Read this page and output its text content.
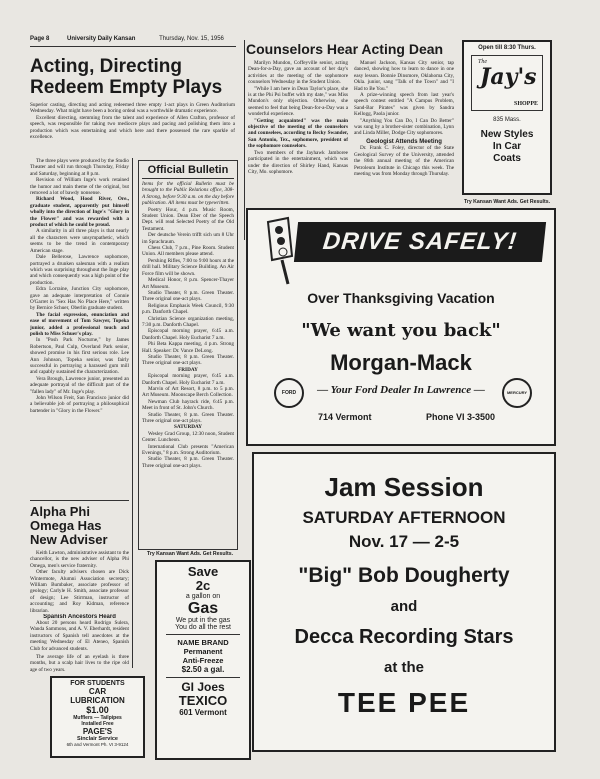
Page 8	University Daily Kansan	Thursday, Nov. 15, 1956
Acting, Directing Redeem Empty Plays

Superior casting, directing and acting redeemed three empty 1-act plays in Green Auditorium Wednesday. What might have been a boring ordeal was a worthwhile dramatic experience.

Excellent directing, stemming from the talent and experience of Allen Crafton, professor of speech, was responsible for taking two mediocre plays and pacing and polishing them into a production which was entertaining and which here and there possessed the rare sparkle of excellence.

The three plays were produced by the Studio Theater and will run through Thursday, Friday and Saturday, beginning at 8 p.m.

Revision of William Inge's work retained the humor and main theme of the original, but removed a lot of bawdy nonsense.

Richard Wood, Hood River, Ore., graduate student, apparently put himself wholly into the direction of Inge's "Glory in the Flower" and was rewarded with a product of which he could be proud.

A similarity in all three plays is that nearly all the characters were unsympathetic, which seems to be the trend in contemporary American stage.

Dale Bellerose, Lawrence sophomore, portrayed a drunken salesman with a realism which was surprising throughout the Inge play and which consequently was a high point of the production.

Edra Lorraine, Junction City sophomore, gave an adequate interpretation of Connie O'Garret in "Sex Has No Place Here," written by Bernice Schuer, Oberlin graduate student.

The facial expression, enunciation and ease of movement of Tom Sawyer, Topeka junior, added a professional touch and polish to Miss Schuer's play.

In "Posh Park Nocturne," by James Robertson, Paul Culp, Overland Park senior, showed promise in his first serious role. Lee Ann Johnson, Topeka senior, was fairly successful in portraying a harassed gum mill and capably sustained the characterization.

Vera Brough, Lawrence junior, presented an adequate portrayal of the difficult part of the "fallen lady" of Mr. Inge's play.

John Wilson Freit, San Francisco junior did a believable job of portraying a philosophical bartender in "Glory in the Flower."

Alpha Phi Omega Has New Adviser

Keith Lawton, administrative assistant to the chancellor, is the new adviser of Alpha Phi Omega, men's service fraternity.

Other faculty advisers chosen are Dick Wintermote, Alumni Association secretary; William Bumbaker, associate professor of geology; Carlyle H. Smith, associate professor of design; Lee Stirrman, instructor of accounting; and Roy Kidman, reference librarian.

Spanish Ancestors Heard

About 20 persons heard Rodrigo Sulera, Wanda Sammons, and A. V. Eberhardt, resident instructors of Spanish tell anecdotes at the meeting Wednesday of El Ateneo, Spanish Club for advanced students.

The average life of an eyelash is three months, but a scalp hair lives to the ripe old age of two years.

FOR STUDENTS

CAR

LUBRICATION

$1.00

Mufflers — Tailpipes

Installed Free

PAGE'S

Sinclair Service

6th and Vermont Ph. VI 3-9124

Official Bulletin

Items for the official Bulletin must be brought to the Public Relations office, 308-A Strong, before 9:30 a.m. on the day before publication. All items must be typewritten.

Poetry Hour, 4 p.m. Music Room, Student Union. Dean Eber of the Speech Dept. will read Selected Poetry of the Old Testament.

Der deutsche Verein trifft sich um 8 Uhr im Sprachraum.

Chess Club, 7 p.m., Pine Room. Student Union. All members please attend.

Pershing Rifles, 7:00 to 9:00 hours at the drill hall. Military Science Building. An Air Force film will be shown.

Medical Honor, 8 p.m. Spencer-Thayer Art Museum.

Studio Theater, 8 p.m. Green Theater. Three original one-act plays.

Religious Emphasis Week Council, 9:30 p.m. Danforth Chapel.

Christian Science organization meeting, 7:30 p.m. Danforth Chapel.

Episcopal morning prayer, 6:45 a.m. Danforth Chapel. Holy Eucharist 7 a.m.

Phi Beta Kappa meeting, 4 p.m. Strong Hall. Speaker: Dr. Vance DeLong.

Studio Theater, 8 p.m. Green Theater. Three original one-act plays.

FRIDAY

Episcopal morning prayer, 6:45 a.m. Danforth Chapel. Holy Eucharist 7 a.m.

Marvin of Art Resort, 8 p.m. to 5 p.m. Art Museum. Moonscape Berch Collection.

Newman Club hayrack ride, 6:45 p.m. Meet in front of St. John's Church.

Studio Theater, 8 p.m. Green Theater. Three original one-act plays.

SATURDAY

Wesley Grad Group, 12:30 noon, Student Center. Luncheon.

International Club presents "American Evenings," 8 p.m. Strong Auditorium.

Studio Theater, 8 p.m. Green Theater. Three original one-act plays.

Try Kansan Want Ads. Get Results.

Save

2c

a gallon on

Gas

We put in the gas

You do all the rest

NAME BRAND

Permanent

Anti-Freeze

$2.50 a gal.

GI Joes

TEXICO

601 Vermont

Counselors Hear Acting Dean

Marilyn Mundon, Coffeyville senior, acting Dean-for-a-Day, gave an account of her day's activities at the meeting of the sophomore counselors Wednesday in the Student Union.

"While I am here in Dean Taylor's place, she is at the Phi Psi buffet with my date," was Miss Mundon's only objection. Otherwise, she seemed to feel that being Dean-for-a-Day was a wonderful experience.

"Getting acquainted" was the main objective of the meeting of the counselors and counselees, according to Becky Swander, San Antonio, Tex., sophomore, president of the sophomore counselors.

Two members of the Jayhawk Jamboree participated in the entertainment, which was under the direction of Shirley Hand, Kansas City, Mo. sophomore.

Manuel Jackson, Kansas City senior, tap danced, showing how to learn to dance in one easy lesson. Bonnie Dinsmore, Oklahoma City, Okla. junior, sang "Talk of the Town" and "I Had to Be You."

A prize-winning speech from last year's speech contest entitled "A Campus Problem, Sand-Bar Pirates" was given by Sandra Kellogg, Paola junior.

"Anything You Can Do, I Can Do Better" was sung by a brother-sister combination, Lynn and Linda Miller, Dodge City sophomores.

Geologist Attends Meeting

Dr. Frank C. Foley, director of the State Geological Survey of the University, attended the 86th annual meeting of the American Petroleum Institute in Chicago this week. The meeting was from Monday through Thursday.

Open till 8:30 Thurs.

The
Jay's
SHOPPE

835 Mass.

New Styles

In Car

Coats

Try Kansan Want Ads. Get Results.
DRIVE SAFELY!

Over Thanksgiving Vacation

"We want you back"

Morgan-Mack

— Your Ford Dealer In Lawrence —

FORD	MERCURY

714 Vermont	Phone VI 3-3500

Jam Session

SATURDAY AFTERNOON

Nov. 17 — 2-5

"Big" Bob Dougherty

and

Decca Recording Stars

at the

TEE PEE
